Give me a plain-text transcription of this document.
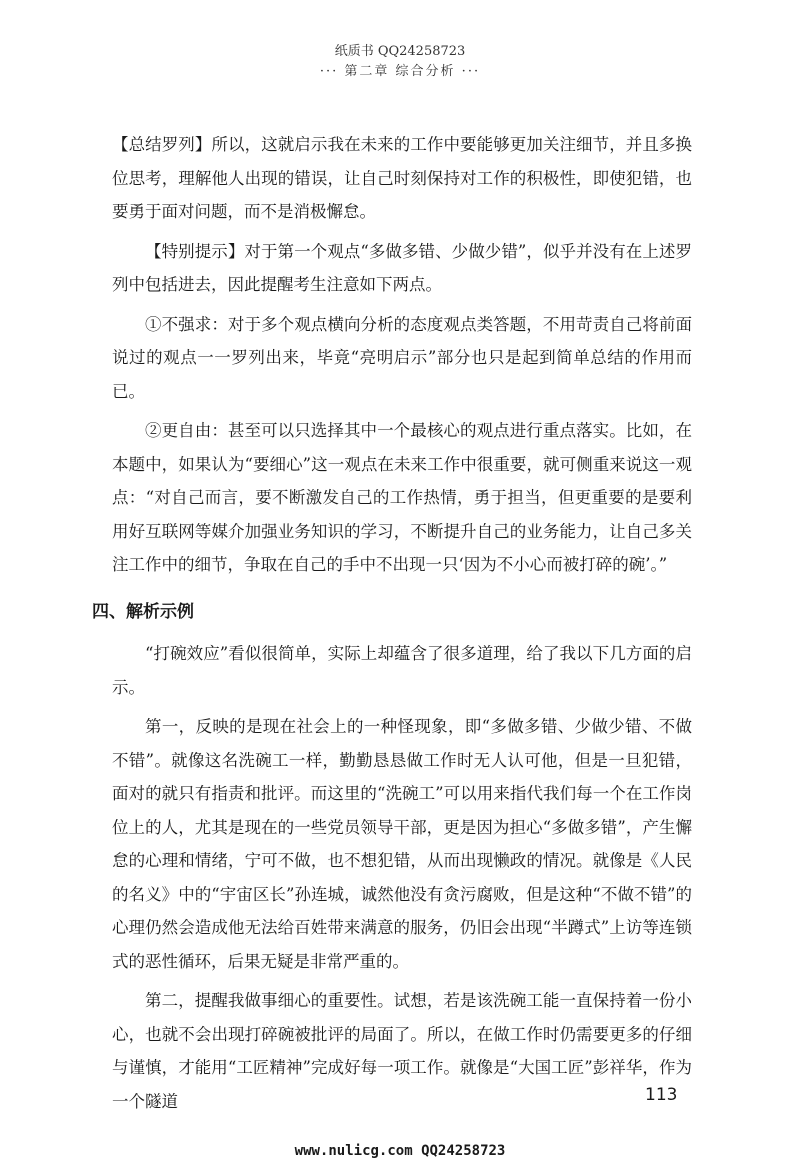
纸质书 QQ24258723
··· 第二章 综合分析 ···

【总结罗列】所以，这就启示我在未来的工作中要能够更加关注细节，并且多换位思考，理解他人出现的错误，让自己时刻保持对工作的积极性，即使犯错，也要勇于面对问题，而不是消极懈怠。

【特别提示】对于第一个观点“多做多错、少做少错”，似乎并没有在上述罗列中包括进去，因此提醒考生注意如下两点。

①不强求：对于多个观点横向分析的态度观点类答题，不用苛责自己将前面说过的观点一一罗列出来，毕竟“亮明启示”部分也只是起到简单总结的作用而已。

②更自由：甚至可以只选择其中一个最核心的观点进行重点落实。比如，在本题中，如果认为“要细心”这一观点在未来工作中很重要，就可侧重来说这一观点：“对自己而言，要不断激发自己的工作热情，勇于担当，但更重要的是要利用好互联网等媒介加强业务知识的学习，不断提升自己的业务能力，让自己多关注工作中的细节，争取在自己的手中不出现一只‘因为不小心而被打碎的碗’。”

四、解析示例

“打碗效应”看似很简单，实际上却蕴含了很多道理，给了我以下几方面的启示。

第一，反映的是现在社会上的一种怪现象，即“多做多错、少做少错、不做不错”。就像这名洗碗工一样，勤勤恳恳做工作时无人认可他，但是一旦犯错，面对的就只有指责和批评。而这里的“洗碗工”可以用来指代我们每一个在工作岗位上的人，尤其是现在的一些党员领导干部，更是因为担心“多做多错”，产生懈怠的心理和情绪，宁可不做，也不想犯错，从而出现懒政的情况。就像是《人民的名义》中的“宇宙区长”孙连城，诚然他没有贪污腐败，但是这种“不做不错”的心理仍然会造成他无法给百姓带来满意的服务，仍旧会出现“半蹲式”上访等连锁式的恶性循环，后果无疑是非常严重的。

第二，提醒我做事细心的重要性。试想，若是该洗碗工能一直保持着一份小心，也就不会出现打碎碗被批评的局面了。所以，在做工作时仍需要更多的仔细与谨慎，才能用“工匠精神”完成好每一项工作。就像是“大国工匠”彭祥华，作为一个隧道	113
www.nulicg.com QQ24258723
